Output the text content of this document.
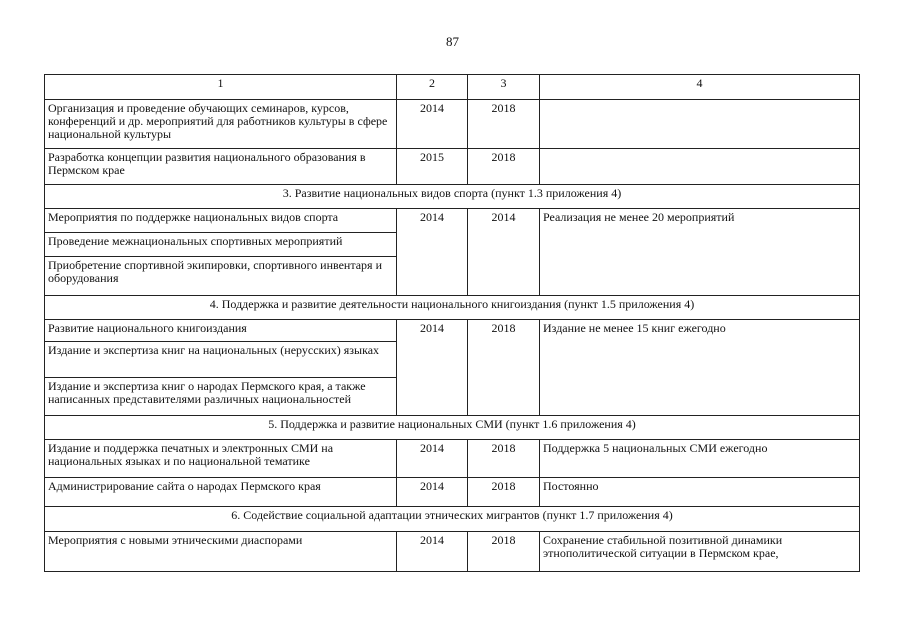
87
1	2	3	4
Организация и проведение обучающих семинаров, курсов, конференций и др. мероприятий для работников культуры в сфере национальной культуры	2014	2018	
Разработка концепции развития национального образования в Пермском крае	2015	2018	
3. Развитие национальных видов спорта (пункт 1.3 приложения 4)			
Мероприятия по поддержке национальных видов спорта	2014	2014	Реализация не менее 20 мероприятий
Проведение межнациональных спортивных мероприятий			
Приобретение спортивной экипировки, спортивного инвентаря и оборудования			
4. Поддержка и развитие деятельности национального книгоиздания (пункт 1.5 приложения 4)			
Развитие национального книгоиздания	2014	2018	Издание не менее 15 книг ежегодно
Издание и экспертиза книг на национальных (нерусских) языках			
Издание и экспертиза книг о народах Пермского края, а также написанных представителями различных национальностей			
5. Поддержка и развитие национальных СМИ (пункт 1.6 приложения 4)			
Издание и поддержка печатных и электронных СМИ на национальных языках и по национальной тематике	2014	2018	Поддержка 5 национальных СМИ ежегодно
Администрирование сайта о народах Пермского края	2014	2018	Постоянно
6. Содействие социальной адаптации этнических мигрантов (пункт 1.7 приложения 4)			
Мероприятия с новыми этническими диаспорами	2014	2018	Сохранение стабильной позитивной динамики этнополитической ситуации в Пермском крае,
